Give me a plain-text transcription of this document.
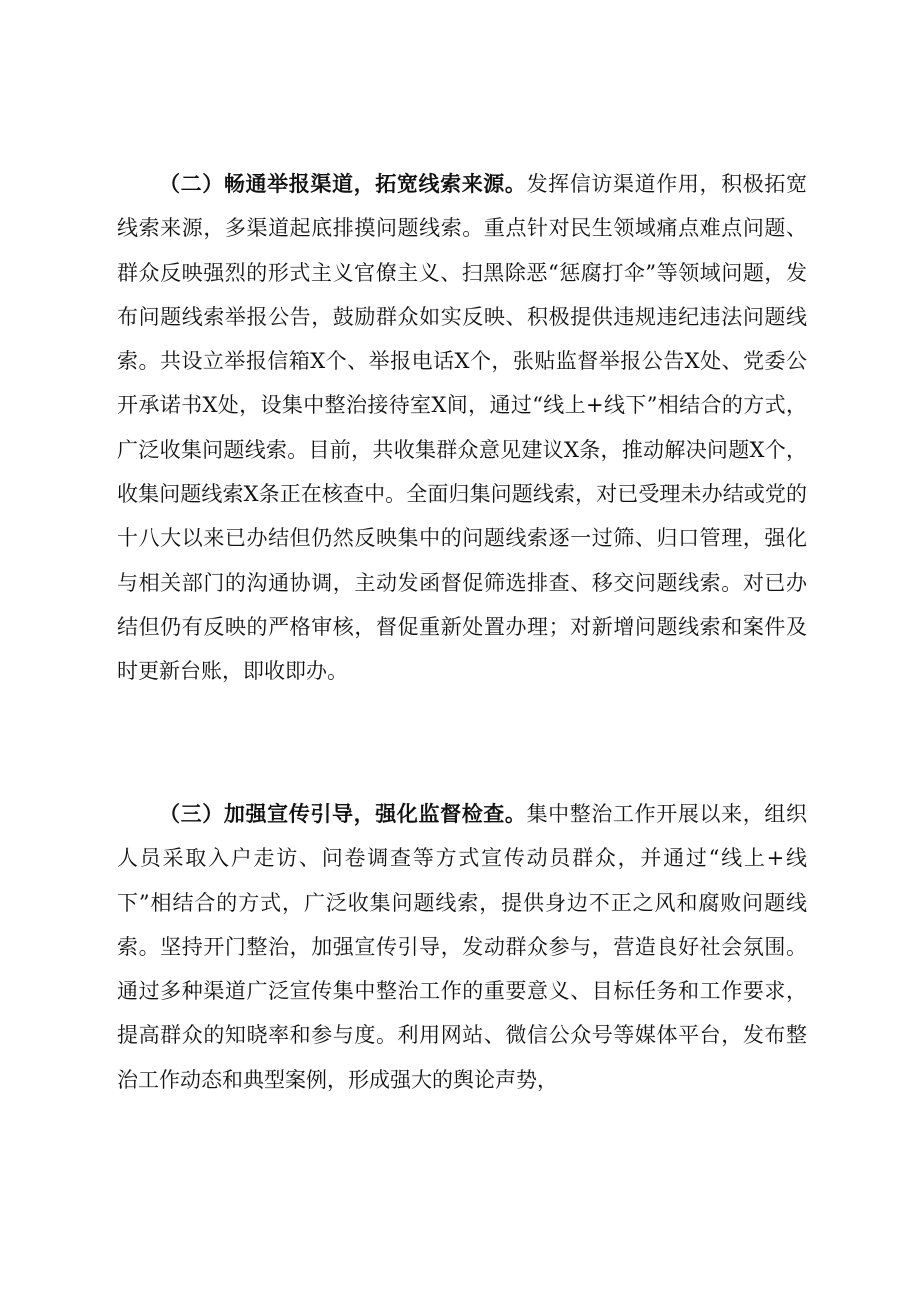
（二）畅通举报渠道，拓宽线索来源。发挥信访渠道作用，积极拓宽线索来源，多渠道起底排摸问题线索。重点针对民生领域痛点难点问题、群众反映强烈的形式主义官僚主义、扫黑除恶“惩腐打伞”等领域问题，发布问题线索举报公告，鼓励群众如实反映、积极提供违规违纪违法问题线索。共设立举报信箱X个、举报电话X个，张贴监督举报公告X处、党委公开承诺书X处，设集中整治接待室X间，通过“线上+线下”相结合的方式，广泛收集问题线索。目前，共收集群众意见建议X条，推动解决问题X个，收集问题线索X条正在核查中。全面归集问题线索，对已受理未办结或党的十八大以来已办结但仍然反映集中的问题线索逐一过筛、归口管理，强化与相关部门的沟通协调，主动发函督促筛选排查、移交问题线索。对已办结但仍有反映的严格审核，督促重新处置办理；对新增问题线索和案件及时更新台账，即收即办。

（三）加强宣传引导，强化监督检查。集中整治工作开展以来，组织人员采取入户走访、问卷调查等方式宣传动员群众，并通过“线上+线下”相结合的方式，广泛收集问题线索，提供身边不正之风和腐败问题线索。坚持开门整治，加强宣传引导，发动群众参与，营造良好社会氛围。通过多种渠道广泛宣传集中整治工作的重要意义、目标任务和工作要求，提高群众的知晓率和参与度。利用网站、微信公众号等媒体平台，发布整治工作动态和典型案例，形成强大的舆论声势，
